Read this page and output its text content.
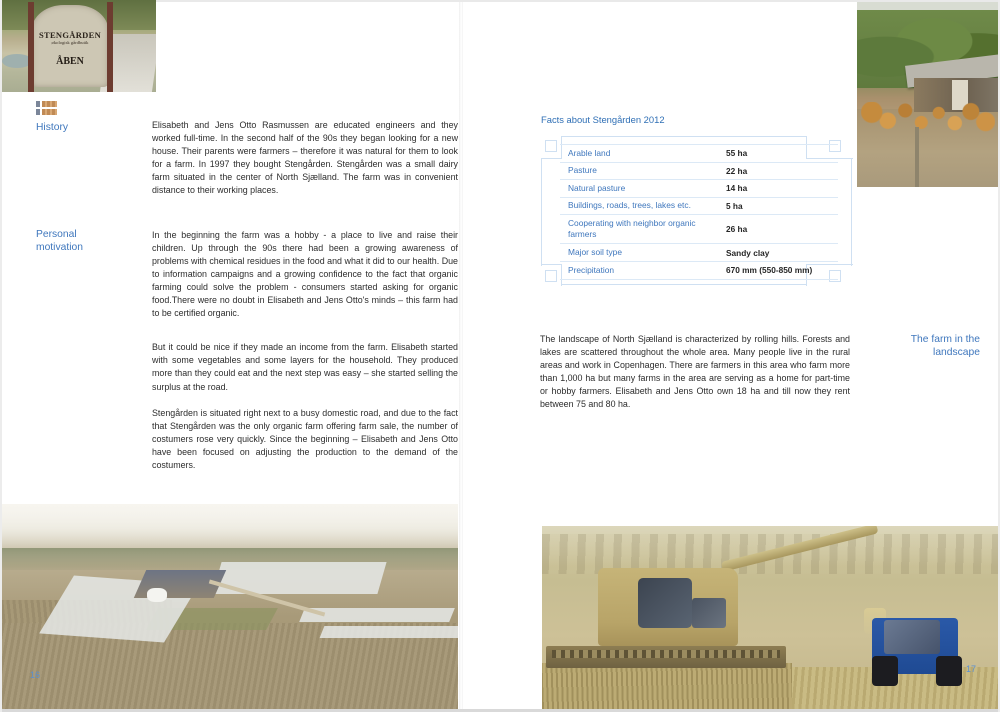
STENGÅRDEN
økologisk gårdbutik
ÅBEN
History
Personal
motivation

Elisabeth and Jens Otto Rasmussen are educated engineers and they worked full-time. In the second half of the 90s they began looking for a new house. Their parents were farmers – therefore it was natural for them to look for a farm. In 1997 they bought Stengården. Stengården was a small dairy farm situated in the center of North Sjælland. The farm was in convenient distance to their working places.

In the beginning the farm was a hobby - a place to live and raise their children. Up through the 90s there had been a growing awareness of problems with chemical residues in the food and what it did to our health. Due to information campaigns and a growing confidence to the fact that organic farming could solve the problem - consumers started asking for organic food.There were no doubt in Elisabeth and Jens Otto's minds – this farm had to be certified organic.

But it could be nice if they made an income from the farm. Elisabeth started with some vegetables and some layers for the household. They produced more than they could eat and the next step was easy – she started selling the surplus at the road.

Stengården is situated right next to a busy domestic road, and due to the fact that Stengården was the only organic farm offering farm sale, the number of costumers rose very quickly. Since the beginning – Elisabeth and Jens Otto have been focused on adjusting the production to the demand of the costumers.

Facts about Stengården 2012
Arable land	55 ha
Pasture	22 ha
Natural pasture	14 ha
Buildings, roads, trees, lakes etc.	5 ha
Cooperating with neighbor organic farmers	26 ha
Major soil type	Sandy clay
Precipitation	670 mm (550-850 mm)

The landscape of North Sjælland is characterized by rolling hills. Forests and lakes are scattered throughout the whole area. Many people live in the rural areas and work in Copenhagen. There are farmers in this area who farm more than 1,000 ha but many farms in the area are serving as a home for part-time or hobby farmers. Elisabeth and Jens Otto own 18 ha and till now they rent between 75 and 80 ha.

The farm in the
landscape
16
17
